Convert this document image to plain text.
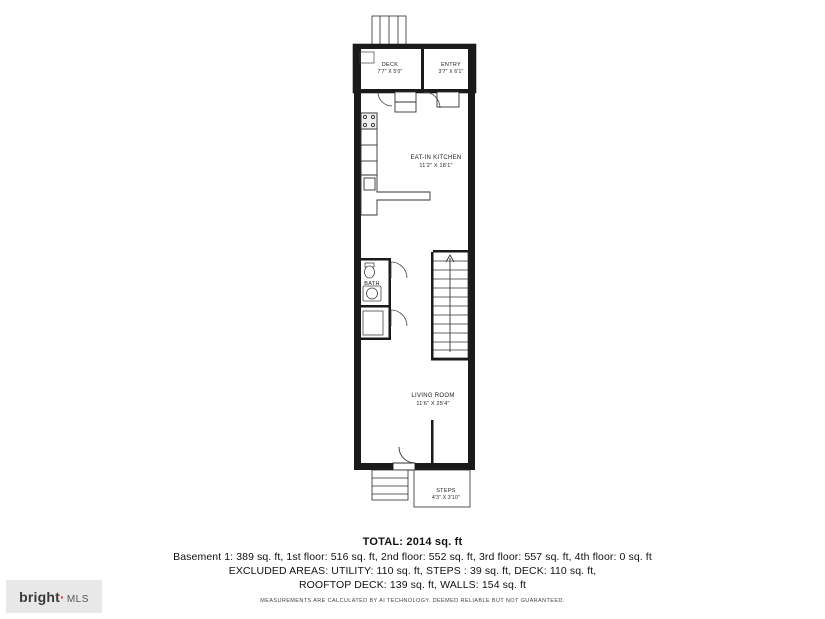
DECK
7'7" X 5'0"
ENTRY
3'7" X 6'1"
EAT-IN KITCHEN
11'2" X 18'1"
BATH
LIVING ROOM
11'6" X 25'4"
STEPS
4'3" X 3'10"

TOTAL: 2014 sq. ft

Basement 1: 389 sq. ft, 1st floor: 516 sq. ft, 2nd floor: 552 sq. ft, 3rd floor: 557 sq. ft, 4th floor: 0 sq. ft

EXCLUDED AREAS: UTILITY: 110 sq. ft, STEPS : 39 sq. ft, DECK: 110 sq. ft,

ROOFTOP DECK: 139 sq. ft, WALLS: 154 sq. ft

MEASUREMENTS ARE CALCULATED BY AI TECHNOLOGY. DEEMED RELIABLE BUT NOT GUARANTEED.
bright· MLS
